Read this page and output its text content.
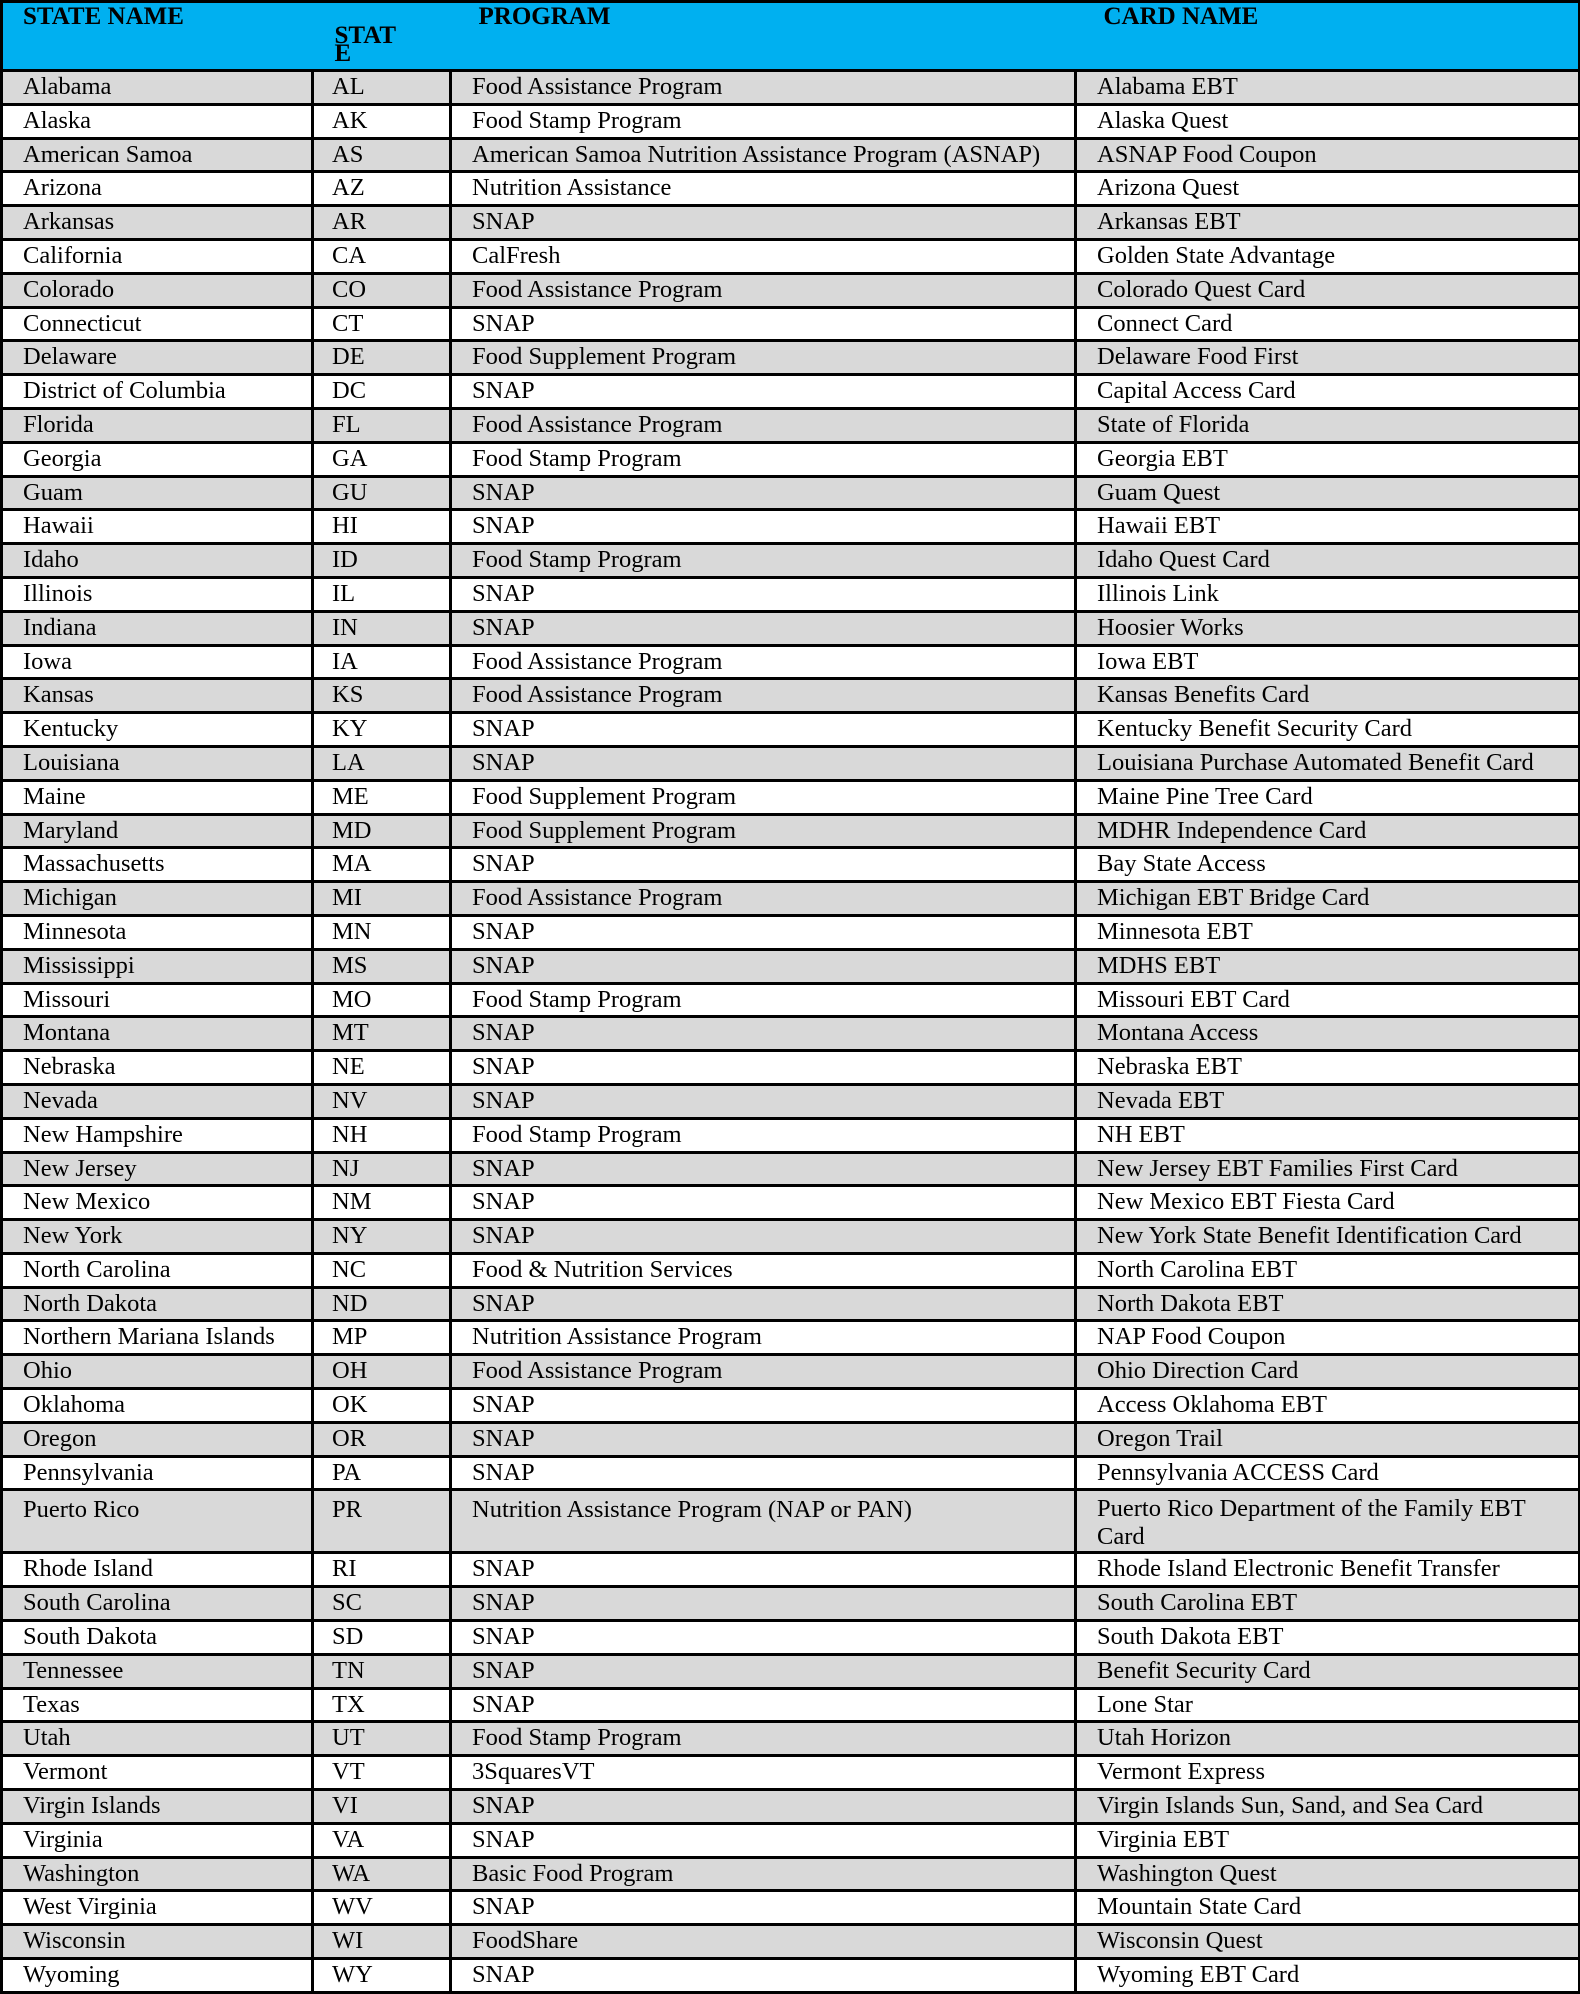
STATE NAME	STATE	PROGRAM	CARD NAME

Alabama	AL	Food Assistance Program	Alabama EBT
Alaska	AK	Food Stamp Program	Alaska Quest
American Samoa	AS	American Samoa Nutrition Assistance Program (ASNAP)	ASNAP Food Coupon
Arizona	AZ	Nutrition Assistance	Arizona Quest
Arkansas	AR	SNAP	Arkansas EBT
California	CA	CalFresh	Golden State Advantage
Colorado	CO	Food Assistance Program	Colorado Quest Card
Connecticut	CT	SNAP	Connect Card
Delaware	DE	Food Supplement Program	Delaware Food First
District of Columbia	DC	SNAP	Capital Access Card
Florida	FL	Food Assistance Program	State of Florida
Georgia	GA	Food Stamp Program	Georgia EBT
Guam	GU	SNAP	Guam Quest
Hawaii	HI	SNAP	Hawaii EBT
Idaho	ID	Food Stamp Program	Idaho Quest Card
Illinois	IL	SNAP	Illinois Link
Indiana	IN	SNAP	Hoosier Works
Iowa	IA	Food Assistance Program	Iowa EBT
Kansas	KS	Food Assistance Program	Kansas Benefits Card
Kentucky	KY	SNAP	Kentucky Benefit Security Card
Louisiana	LA	SNAP	Louisiana Purchase Automated Benefit Card
Maine	ME	Food Supplement Program	Maine Pine Tree Card
Maryland	MD	Food Supplement Program	MDHR Independence Card
Massachusetts	MA	SNAP	Bay State Access
Michigan	MI	Food Assistance Program	Michigan EBT Bridge Card
Minnesota	MN	SNAP	Minnesota EBT
Mississippi	MS	SNAP	MDHS EBT
Missouri	MO	Food Stamp Program	Missouri EBT Card
Montana	MT	SNAP	Montana Access
Nebraska	NE	SNAP	Nebraska EBT
Nevada	NV	SNAP	Nevada EBT
New Hampshire	NH	Food Stamp Program	NH EBT
New Jersey	NJ	SNAP	New Jersey EBT Families First Card
New Mexico	NM	SNAP	New Mexico EBT Fiesta Card
New York	NY	SNAP	New York State Benefit Identification Card
North Carolina	NC	Food & Nutrition Services	North Carolina EBT
North Dakota	ND	SNAP	North Dakota EBT
Northern Mariana Islands	MP	Nutrition Assistance Program	NAP Food Coupon
Ohio	OH	Food Assistance Program	Ohio Direction Card
Oklahoma	OK	SNAP	Access Oklahoma EBT
Oregon	OR	SNAP	Oregon Trail
Pennsylvania	PA	SNAP	Pennsylvania ACCESS Card
Puerto Rico	PR	Nutrition Assistance Program (NAP or PAN)	Puerto Rico Department of the Family EBT Card
Rhode Island	RI	SNAP	Rhode Island Electronic Benefit Transfer
South Carolina	SC	SNAP	South Carolina EBT
South Dakota	SD	SNAP	South Dakota EBT
Tennessee	TN	SNAP	Benefit Security Card
Texas	TX	SNAP	Lone Star
Utah	UT	Food Stamp Program	Utah Horizon
Vermont	VT	3SquaresVT	Vermont Express
Virgin Islands	VI	SNAP	Virgin Islands Sun, Sand, and Sea Card
Virginia	VA	SNAP	Virginia EBT
Washington	WA	Basic Food Program	Washington Quest
West Virginia	WV	SNAP	Mountain State Card
Wisconsin	WI	FoodShare	Wisconsin Quest
Wyoming	WY	SNAP	Wyoming EBT Card
